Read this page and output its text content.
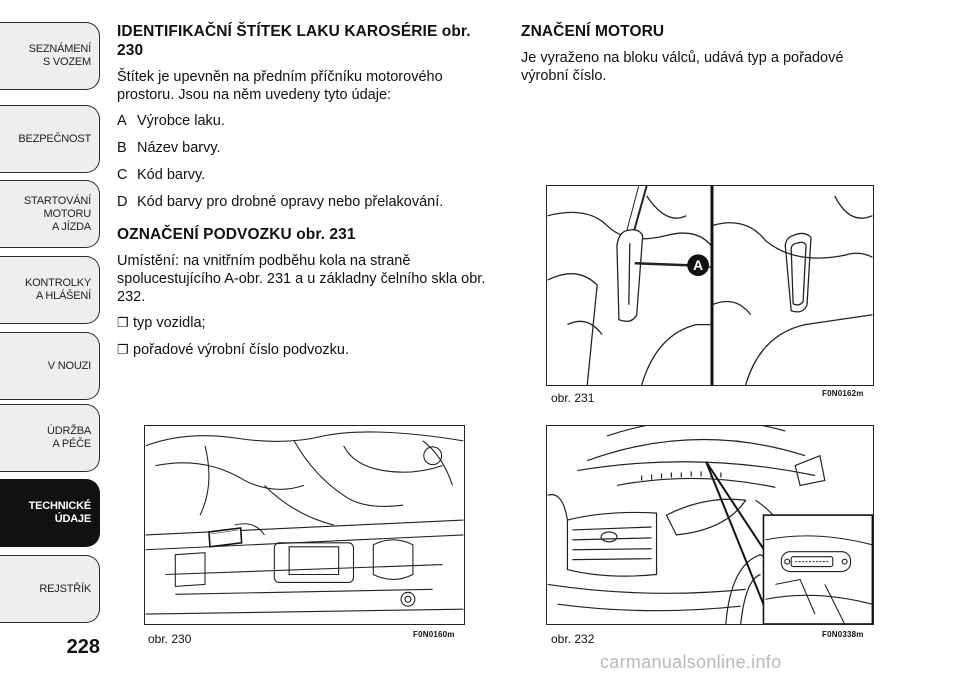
SEZNÁMENÍ
S VOZEM
BEZPEČNOST
STARTOVÁNÍ
MOTORU
A JÍZDA
KONTROLKY
A HLÁŠENÍ
V NOUZI
ÚDRŽBA
A PÉČE
TECHNICKÉ
ÚDAJE
REJSTŘÍK
228
IDENTIFIKAČNÍ ŠTÍTEK LAKU KAROSÉRIE obr. 230

Štítek je upevněn na předním příčníku motorového prostoru. Jsou na něm uvedeny tyto údaje:

A Výrobce laku.
B Název barvy.
C Kód barvy.
D Kód barvy pro drobné opravy nebo přelakování.
OZNAČENÍ PODVOZKU obr. 231

Umístění: na vnitřním podběhu kola na straně spolucestujícího A-obr. 231 a u základny čelního skla obr. 232.

❐ typ vozidla;
❐ pořadové výrobní číslo podvozku.
ZNAČENÍ MOTORU

Je vyraženo na bloku válců, udává typ a pořadové výrobní číslo.

A
obr. 231	F0N0162m
obr. 230	F0N0160m	obr. 232	F0N0338m
carmanualsonline.info
